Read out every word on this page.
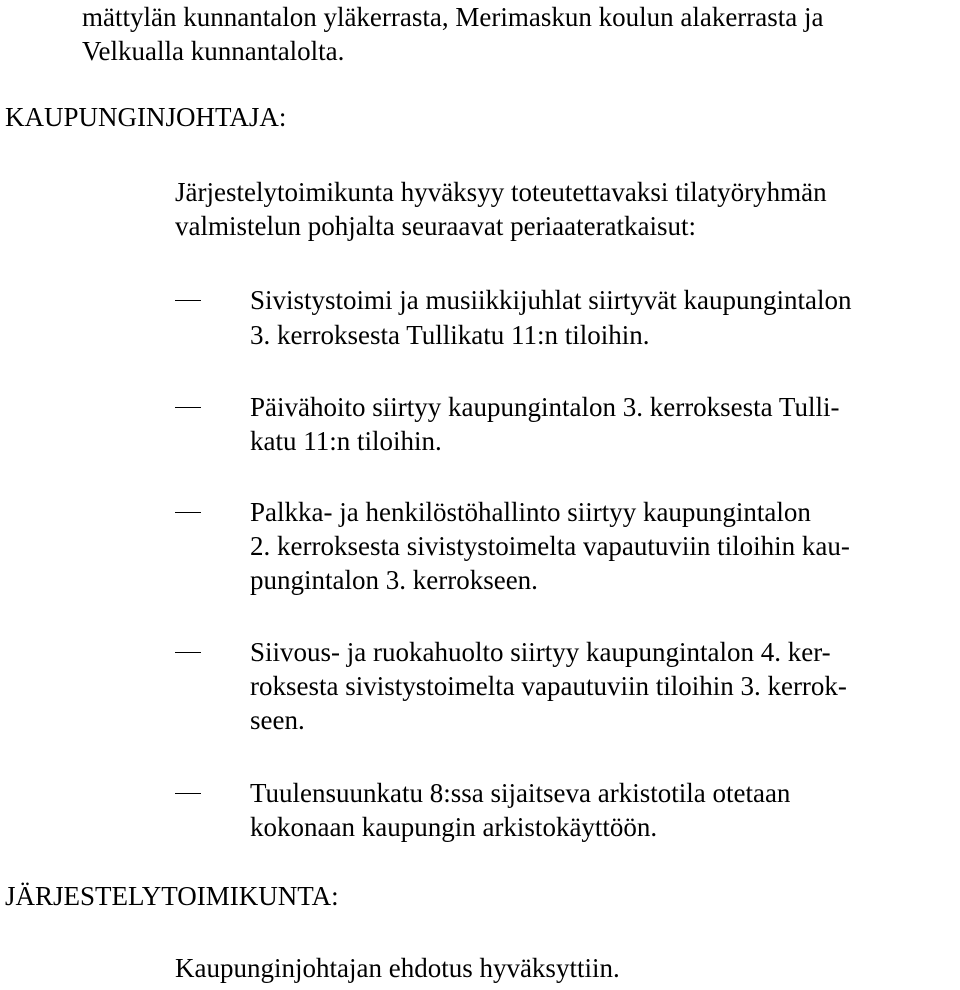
mättylän kunnantalon yläkerrasta, Merimaskun koulun alakerrasta ja

Velkualla kunnantalolta.

KAUPUNGINJOHTAJA:

Järjestelytoimikunta hyväksyy toteutettavaksi tilatyöryhmän

valmistelun pohjalta seuraavat periaateratkaisut:

Sivistystoimi ja musiikkijuhlat siirtyvät kaupungintalon

3. kerroksesta Tullikatu 11:n tiloihin.

Päivähoito siirtyy kaupungintalon 3. kerroksesta Tulli-

katu 11:n tiloihin.

Palkka- ja henkilöstöhallinto siirtyy kaupungintalon

2. kerroksesta sivistystoimelta vapautuviin tiloihin kau-

pungintalon 3. kerrokseen.

Siivous- ja ruokahuolto siirtyy kaupungintalon 4. ker-

roksesta sivistystoimelta vapautuviin tiloihin 3. kerrok-

seen.

Tuulensuunkatu 8:ssa sijaitseva arkistotila otetaan

kokonaan kaupungin arkistokäyttöön.

JÄRJESTELYTOIMIKUNTA:

Kaupunginjohtajan ehdotus hyväksyttiin.
